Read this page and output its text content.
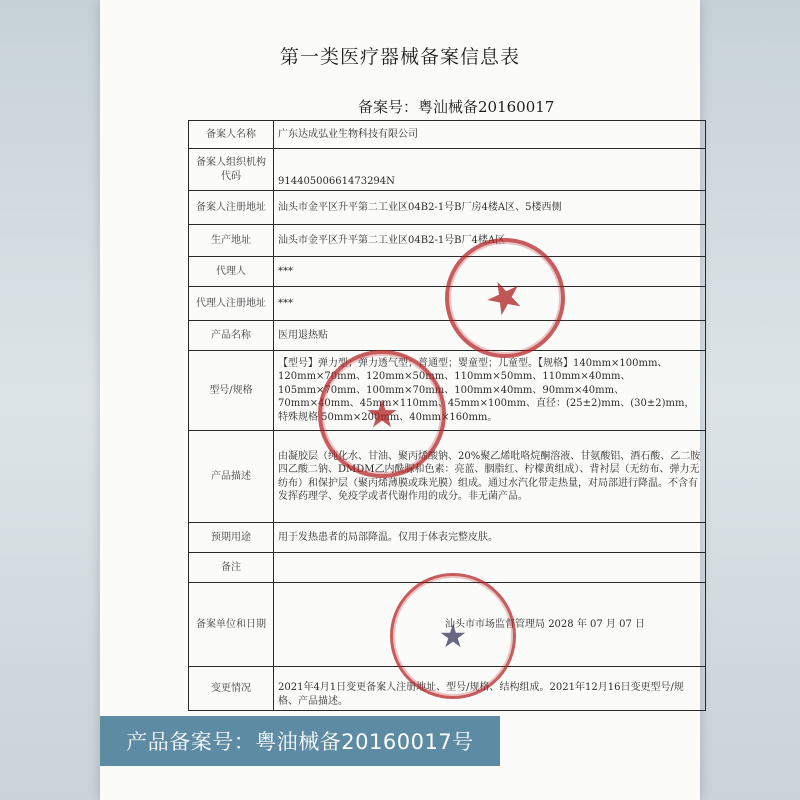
第一类医疗器械备案信息表
备案号：粤汕械备20160017
备案人名称	广东达成弘业生物科技有限公司
备案人组织机构代码	91440500661473294N
备案人注册地址	汕头市金平区升平第二工业区04B2-1号B厂房4楼A区、5楼西侧
生产地址	汕头市金平区升平第二工业区04B2-1号B厂4楼A区
代理人	***
代理人注册地址	***
产品名称	医用退热贴
型号/规格	【型号】弹力型；弹力透气型；普通型；婴童型；儿童型。【规格】140mm×100mm、120mm×70mm、120mm×50mm、110mm×50mm、110mm×40mm、105mm×70mm、100mm×70mm、100mm×40mm、90mm×40mm、70mm×40mm、45mm×110mm、45mm×100mm、直径：(25±2)mm、(30±2)mm，特殊规格 50mm×200mm、40mm×160mm。
产品描述	由凝胶层（纯化水、甘油、聚丙烯酸钠、20%聚乙烯吡咯烷酮溶液、甘氨酸铝、酒石酸、乙二胺四乙酸二钠、DMDM乙内酰脲和色素：亮蓝、胭脂红、柠檬黄组成）、背衬层（无纺布、弹力无纺布）和保护层（聚丙烯薄膜或珠光膜）组成。通过水汽化带走热量，对局部进行降温。不含有发挥药理学、免疫学或者代谢作用的成分。非无菌产品。
预期用途	用于发热患者的局部降温。仅用于体表完整皮肤。
备注	
备案单位和日期	汕头市市场监督管理局 2028 年 07 月 07 日
变更情况	2021年4月1日变更备案人注册地址、型号/规格、结构组成。2021年12月16日变更型号/规格、产品描述。
★
★
★
产品备案号：粤油械备20160017号
